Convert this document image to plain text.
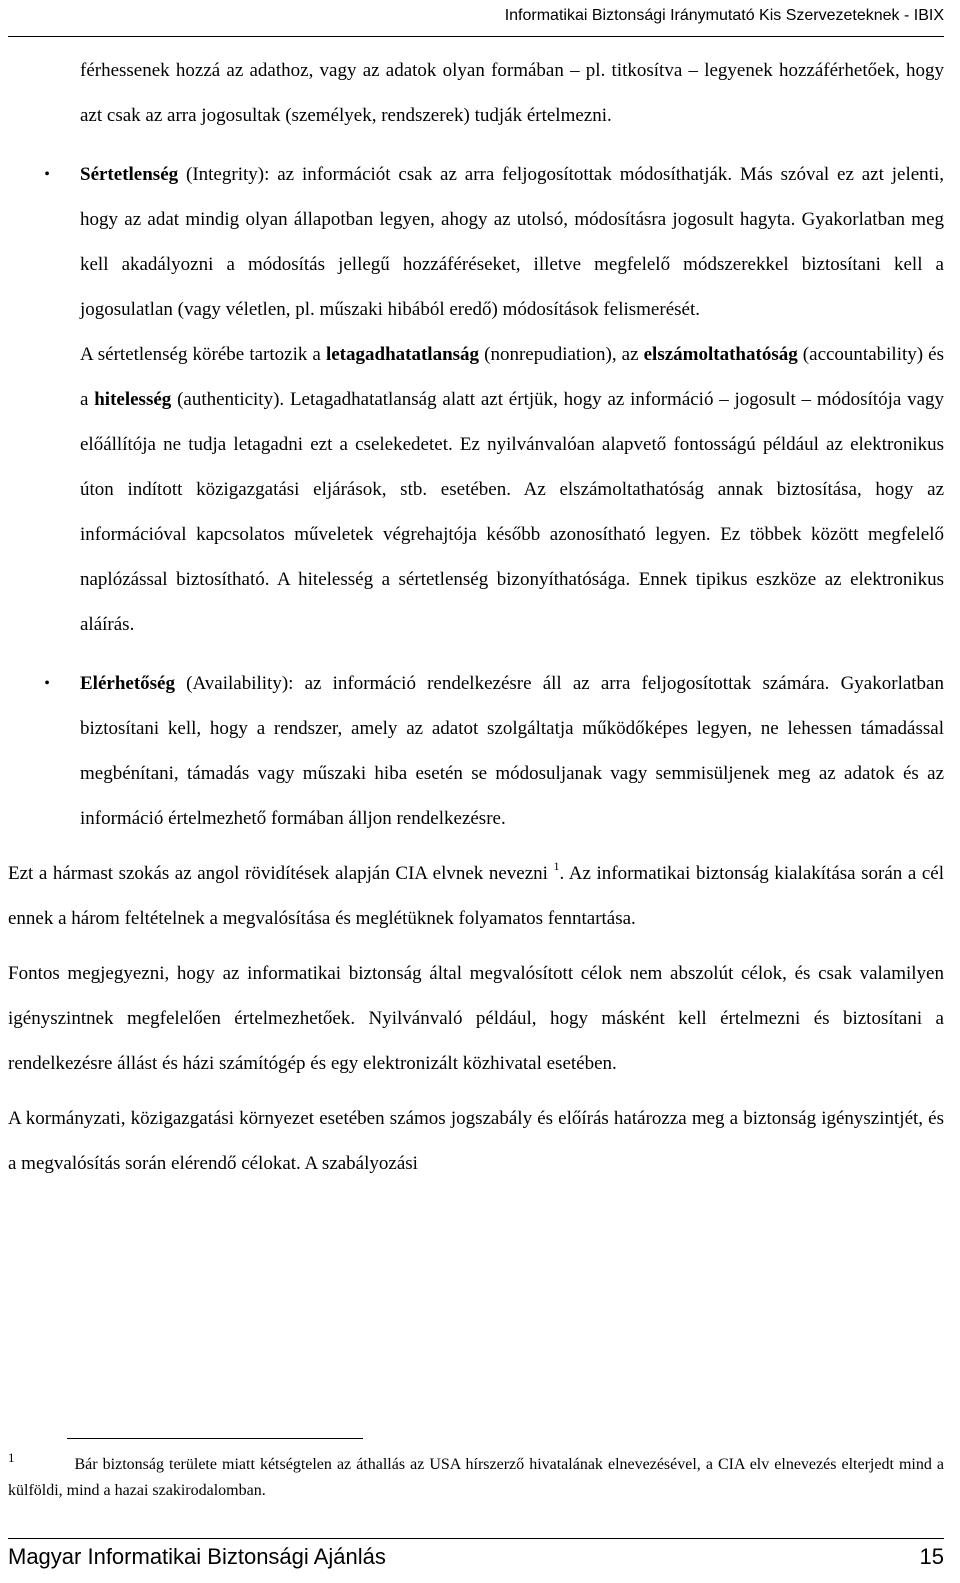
Informatikai Biztonsági Iránymutató Kis Szervezeteknek - IBIX

férhessenek hozzá az adathoz, vagy az adatok olyan formában – pl. titkosítva – legyenek hozzáférhetőek, hogy azt csak az arra jogosultak (személyek, rendszerek) tudják értelmezni.

•	Sértetlenség (Integrity): az információt csak az arra feljogosítottak módosíthatják. Más szóval ez azt jelenti, hogy az adat mindig olyan állapotban legyen, ahogy az utolsó, módosításra jogosult hagyta. Gyakorlatban meg kell akadályozni a módosítás jellegű hozzáféréseket, illetve megfelelő módszerekkel biztosítani kell a jogosulatlan (vagy véletlen, pl. műszaki hibából eredő) módosítások felismerését.

A sértetlenség körébe tartozik a letagadhatatlanság (nonrepudiation), az elszámoltathatóság (accountability) és a hitelesség (authenticity). Letagadhatatlanság alatt azt értjük, hogy az információ – jogosult – módosítója vagy előállítója ne tudja letagadni ezt a cselekedetet. Ez nyilvánvalóan alapvető fontosságú például az elektronikus úton indított közigazgatási eljárások, stb. esetében. Az elszámoltathatóság annak biztosítása, hogy az információval kapcsolatos műveletek végrehajtója később azonosítható legyen. Ez többek között megfelelő naplózással biztosítható. A hitelesség a sértetlenség bizonyíthatósága. Ennek tipikus eszköze az elektronikus aláírás.

•	Elérhetőség (Availability): az információ rendelkezésre áll az arra feljogosítottak számára. Gyakorlatban biztosítani kell, hogy a rendszer, amely az adatot szolgáltatja működőképes legyen, ne lehessen támadással megbénítani, támadás vagy műszaki hiba esetén se módosuljanak vagy semmisüljenek meg az adatok és az információ értelmezhető formában álljon rendelkezésre.

Ezt a hármast szokás az angol rövidítések alapján CIA elvnek nevezni $^1$. Az informatikai biztonság kialakítása során a cél ennek a három feltételnek a megvalósítása és meglétüknek folyamatos fenntartása.

Fontos megjegyezni, hogy az informatikai biztonság által megvalósított célok nem abszolút célok, és csak valamilyen igényszintnek megfelelően értelmezhetőek. Nyilvánvaló például, hogy másként kell értelmezni és biztosítani a rendelkezésre állást és házi számítógép és egy elektronizált közhivatal esetében.

A kormányzati, közigazgatási környezet esetében számos jogszabály és előírás határozza meg a biztonság igényszintjét, és a megvalósítás során elérendő célokat. A szabályozási

$^1$	Bár biztonság területe miatt kétségtelen az áthallás az USA hírszerző hivatalának elnevezésével, a CIA elv elnevezés elterjedt mind a külföldi, mind a hazai szakirodalomban.
Magyar Informatikai Biztonsági Ajánlás	15
